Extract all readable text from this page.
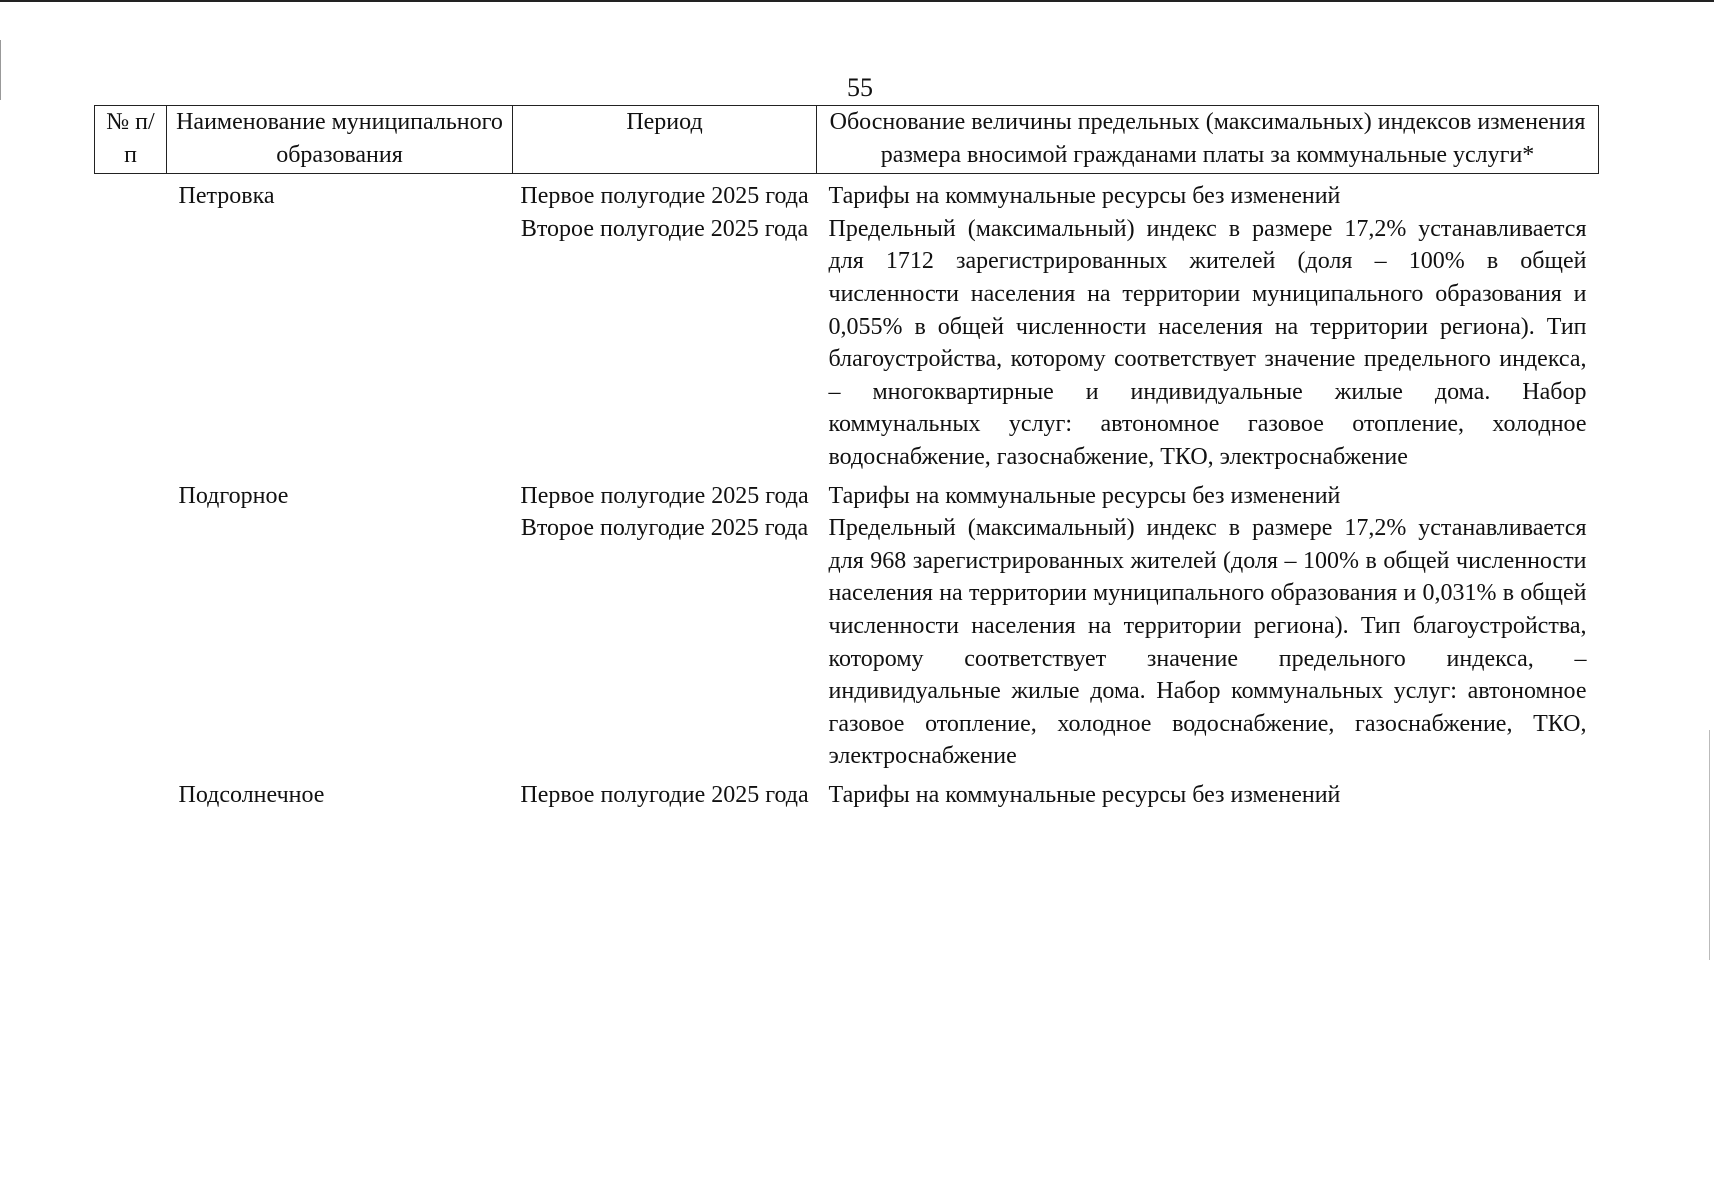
55
№ п/п	Наименование муниципального образования	Период	Обоснование величины предельных (максимальных) индексов изменения размера вносимой гражданами платы за коммунальные услуги*
	Петровка	Первое полугодие 2025 года	Тарифы на коммунальные ресурсы без изменений
		Второе полугодие 2025 года	Предельный (максимальный) индекс в размере 17,2% устанавливается для 1712 зарегистрированных жителей (доля – 100% в общей численности населения на территории муниципального образования и 0,055% в общей численности населения на территории региона). Тип благоустройства, которому соответствует значение предельного индекса, – многоквартирные и индивидуальные жилые дома. Набор коммунальных услуг: автономное газовое отопление, холодное водоснабжение, газоснабжение, ТКО, электроснабжение
	Подгорное	Первое полугодие 2025 года	Тарифы на коммунальные ресурсы без изменений
		Второе полугодие 2025 года	Предельный (максимальный) индекс в размере 17,2% устанавливается для 968 зарегистрированных жителей (доля – 100% в общей численности населения на территории муниципального образования и 0,031% в общей численности населения на территории региона). Тип благоустройства, которому соответствует значение предельного индекса, – индивидуальные жилые дома. Набор коммунальных услуг: автономное газовое отопление, холодное водоснабжение, газоснабжение, ТКО, электроснабжение
	Подсолнечное	Первое полугодие 2025 года	Тарифы на коммунальные ресурсы без изменений
